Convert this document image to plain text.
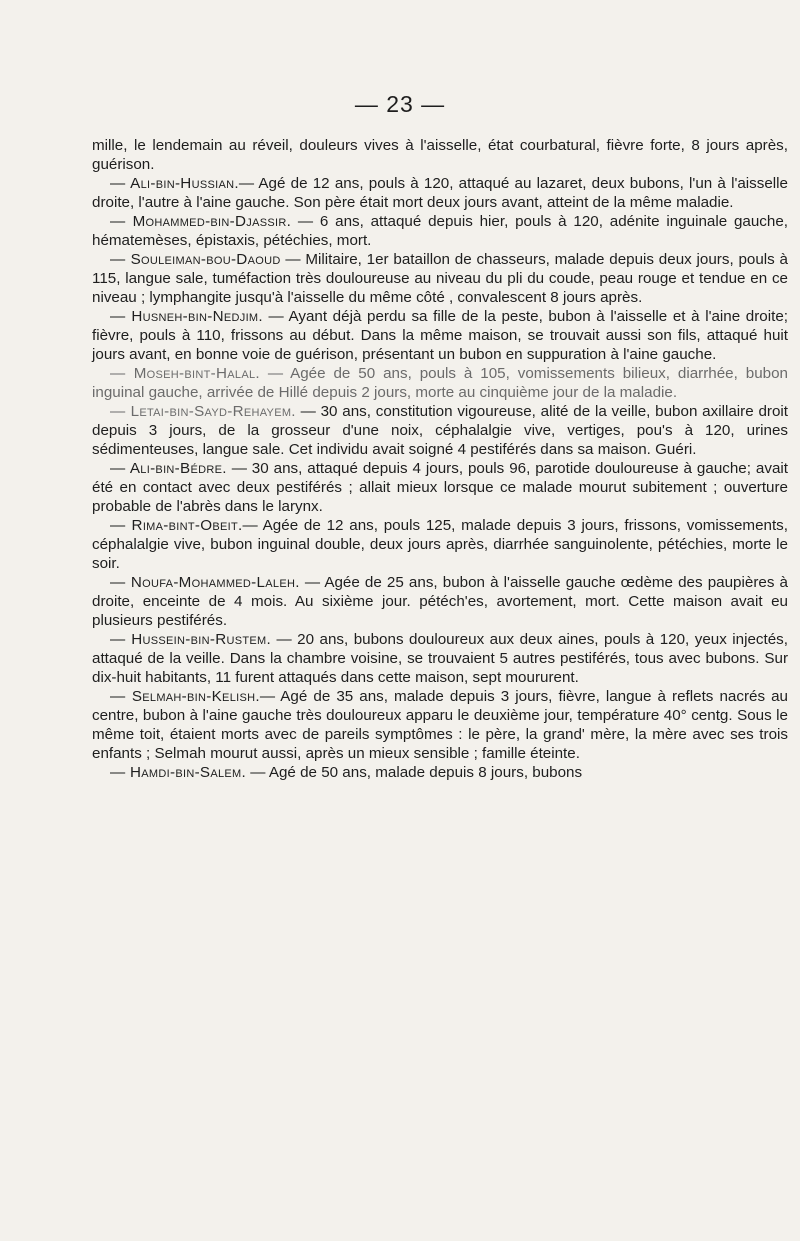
— 23 —

mille, le lendemain au réveil, douleurs vives à l'aisselle, état courbatural, fièvre forte, 8 jours après, guérison.

— Ali-bin-Hussian.— Agé de 12 ans, pouls à 120, attaqué au lazaret, deux bubons, l'un à l'aisselle droite, l'autre à l'aine gauche. Son père était mort deux jours avant, atteint de la même maladie.

— Mohammed-bin-Djassir. — 6 ans, attaqué depuis hier, pouls à 120, adénite inguinale gauche, hématemèses, épistaxis, pétéchies, mort.

— Souleiman-bou-Daoud — Militaire, 1er bataillon de chasseurs, malade depuis deux jours, pouls à 115, langue sale, tuméfaction très douloureuse au niveau du pli du coude, peau rouge et tendue en ce niveau ; lymphangite jusqu'à l'aisselle du même côté , convalescent 8 jours après.

— Husneh-bin-Nedjim. — Ayant déjà perdu sa fille de la peste, bubon à l'aisselle et à l'aine droite; fièvre, pouls à 110, frissons au début. Dans la même maison, se trouvait aussi son fils, attaqué huit jours avant, en bonne voie de guérison, présentant un bubon en suppuration à l'aine gauche.

— Moseh-bint-Halal. — Agée de 50 ans, pouls à 105, vomissements bilieux, diarrhée, bubon inguinal gauche, arrivée de Hillé depuis 2 jours, morte au cinquième jour de la maladie.

— Letai-bin-Sayd-Rehayem. — 30 ans, constitution vigoureuse, alité de la veille, bubon axillaire droit depuis 3 jours, de la grosseur d'une noix, céphalalgie vive, vertiges, pou's à 120, urines sédimenteuses, langue sale. Cet individu avait soigné 4 pestiférés dans sa maison. Guéri.

— Ali-bin-Bédre. — 30 ans, attaqué depuis 4 jours, pouls 96, parotide douloureuse à gauche; avait été en contact avec deux pestiférés ; allait mieux lorsque ce malade mourut subitement ; ouverture probable de l'abrès dans le larynx.

— Rima-bint-Obeit.— Agée de 12 ans, pouls 125, malade depuis 3 jours, frissons, vomissements, céphalalgie vive, bubon inguinal double, deux jours après, diarrhée sanguinolente, pétéchies, morte le soir.

— Noufa-Mohammed-Laleh. — Agée de 25 ans, bubon à l'aisselle gauche œdème des paupières à droite, enceinte de 4 mois. Au sixième jour. pétéch'es, avortement, mort. Cette maison avait eu plusieurs pestiférés.

— Hussein-bin-Rustem. — 20 ans, bubons douloureux aux deux aines, pouls à 120, yeux injectés, attaqué de la veille. Dans la chambre voisine, se trouvaient 5 autres pestiférés, tous avec bubons. Sur dix-huit habitants, 11 furent attaqués dans cette maison, sept moururent.

— Selmah-bin-Kelish.— Agé de 35 ans, malade depuis 3 jours, fièvre, langue à reflets nacrés au centre, bubon à l'aine gauche très douloureux apparu le deuxième jour, température 40° centg. Sous le même toit, étaient morts avec de pareils symptômes : le père, la grand' mère, la mère avec ses trois enfants ; Selmah mourut aussi, après un mieux sensible ; famille éteinte.

— Hamdi-bin-Salem. — Agé de 50 ans, malade depuis 8 jours, bubons
